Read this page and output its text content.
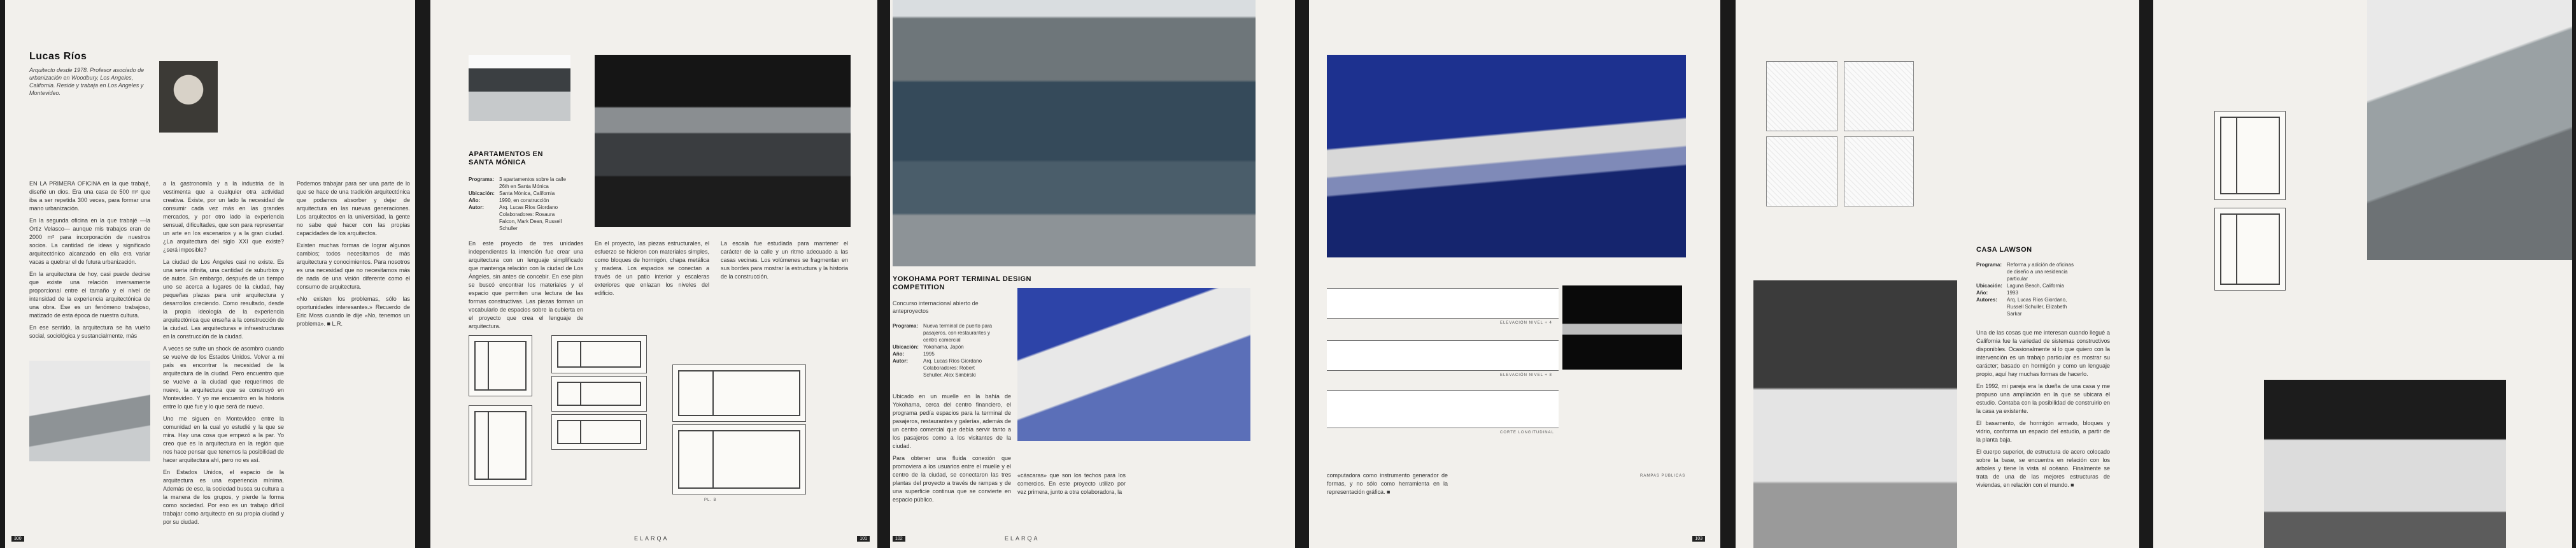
Lucas Ríos
Arquitecto desde 1978. Profesor asociado de urbanización en Woodbury, Los Angeles, California. Reside y trabaja en Los Angeles y Montevideo.

EN LA PRIMERA OFICINA en la que trabajé, diseñé un dios. Era una casa de 500 m² que iba a ser repetida 300 veces, para formar una mano urbanización.

En la segunda oficina en la que trabajé —la Ortiz Velasco— aunque mis trabajos eran de 2000 m² para incorporación de nuestros socios. La cantidad de ideas y significado arquitectónico alcanzado en ella era variar vacas a quebrar el de futura urbanización.

En la arquitectura de hoy, casi puede decirse que existe una relación inversamente proporcional entre el tamaño y el nivel de intensidad de la experiencia arquitectónica de una obra. Ese es un fenómeno trabajoso, matizado de esta época de nuestra cultura.

En ese sentido, la arquitectura se ha vuelto social, sociológica y sustancialmente, más

a la gastronomía y a la industria de la vestimenta que a cualquier otra actividad creativa. Existe, por un lado la necesidad de consumir cada vez más en las grandes mercados, y por otro lado la experiencia sensual, dificultades, que son para representar un arte en los escenarios y a la gran ciudad. ¿La arquitectura del siglo XXI que existe? ¿será imposible?

La ciudad de Los Ángeles casi no existe. Es una seria infinita, una cantidad de suburbios y de autos. Sin embargo, después de un tiempo uno se acerca a lugares de la ciudad, hay pequeñas plazas para unir arquitectura y desarrollos creciendo. Como resultado, desde la propia ideología de la experiencia arquitectónica que enseña a la construcción de la ciudad. Las arquitecturas e infraestructuras en la construcción de la ciudad.

A veces se sufre un shock de asombro cuando se vuelve de los Estados Unidos. Volver a mi país es encontrar la necesidad de la arquitectura de la ciudad. Pero encuentro que se vuelve a la ciudad que requerimos de nuevo, la arquitectura que se construyó en Montevideo. Y yo me encuentro en la historia entre lo que fue y lo que será de nuevo.

Uno me siguen en Montevideo entre la comunidad en la cual yo estudié y la que se mira. Hay una cosa que empezó a la par. Yo creo que es la arquitectura en la región que nos hace pensar que tenemos la posibilidad de hacer arquitectura ahí, pero no es así.

En Estados Unidos, el espacio de la arquitectura es una experiencia mínima. Además de eso, la sociedad busca su cultura a la manera de los grupos, y pierde la forma como sociedad. Por eso es un trabajo difícil trabajar como arquitecto en su propia ciudad y por su ciudad.

Podemos trabajar para ser una parte de lo que se hace de una tradición arquitectónica que podamos absorber y dejar de arquitectura en las nuevas generaciones. Los arquitectos en la universidad, la gente no sabe qué hacer con las propias capacidades de los arquitectos.

Existen muchas formas de lograr algunos cambios; todos necesitamos de más arquitectura y conocimientos. Para nosotros es una necesidad que no necesitamos más de nada de una visión diferente como el consumo de arquitectura.

«No existen los problemas, sólo las oportunidades interesantes.» Recuerdo de Eric Moss cuando le dije «No, tenemos un problema». ■ L.R.

300
APARTAMENTOS EN SANTA MÓNICA
Programa: 3 apartamentos sobre la calle 26th en Santa Mónica
Ubicación: Santa Mónica, California
Año:	1990, en construcción
Autor:	Arq. Lucas Ríos Giordano
Colaboradores: Rosaura Falcon, Mark Dean, Russell Schuller

En este proyecto de tres unidades independientes la intención fue crear una arquitectura con un lenguaje simplificado que mantenga relación con la ciudad de Los Ángeles, sin antes de concebir. En ese plan se buscó encontrar los materiales y el espacio que permiten una lectura de las formas constructivas. Las piezas forman un vocabulario de espacios sobre la cubierta en el proyecto que crea el lenguaje de arquitectura.

En el proyecto, las piezas estructurales, el esfuerzo se hicieron con materiales simples, como bloques de hormigón, chapa metálica y madera. Los espacios se conectan a través de un patio interior y escaleras exteriores que enlazan los niveles del edificio.

La escala fue estudiada para mantener el carácter de la calle y un ritmo adecuado a las casas vecinas. Los volúmenes se fragmentan en sus bordes para mostrar la estructura y la historia de la construcción.

PL. B
ELARQA	101
YOKOHAMA PORT TERMINAL DESIGN COMPETITION
Concurso internacional abierto de anteproyectos
Programa: Nueva terminal de puerto para pasajeros, con restaurantes y centro comercial
Ubicación: Yokohama, Japón
Año:	1995
Autor:	Arq. Lucas Ríos Giordano
Colaboradores: Robert Schuller, Alex Simbirski

Ubicado en un muelle en la bahía de Yokohama, cerca del centro financiero, el programa pedía espacios para la terminal de pasajeros, restaurantes y galerías, además de un centro comercial que debía servir tanto a los pasajeros como a los visitantes de la ciudad.

Para obtener una fluida conexión que promoviera a los usuarios entre el muelle y el centro de la ciudad, se conectaron las tres plantas del proyecto a través de rampas y de una superficie continua que se convierte en espacio público.

«cáscaras» que son los techos para los comercios. En este proyecto utilizo por vez primera, junto a otra colaboradora, la

102	ELARQA
ELEVACIÓN NIVEL + 4
ELEVACIÓN NIVEL + 8
CORTE LONGITUDINAL

computadora como instrumento generador de formas, y no sólo como herramienta en la representación gráfica. ■

RAMPAS PÚBLICAS
103
CASA LAWSON
Programa: Reforma y adición de oficinas de diseño a una residencia particular
Ubicación: Laguna Beach, California
Año:	1993
Autores: Arq. Lucas Ríos Giordano, Russell Schuller, Elizabeth Sarkar

Una de las cosas que me interesan cuando llegué a California fue la variedad de sistemas constructivos disponibles. Ocasionalmente si lo que quiero con la intervención es un trabajo particular es mostrar su carácter; basado en hormigón y como un lenguaje propio, aquí hay muchas formas de hacerlo.

En 1992, mi pareja era la dueña de una casa y me propuso una ampliación en la que se ubicara el estudio. Contaba con la posibilidad de construirlo en la casa ya existente.

El basamento, de hormigón armado, bloques y vidrio, conforma un espacio del estudio, a partir de la planta baja.

El cuerpo superior, de estructura de acero colocado sobre la base, se encuentra en relación con los árboles y tiene la vista al océano. Finalmente se trata de una de las mejores estructuras de viviendas, en relación con el mundo. ■
